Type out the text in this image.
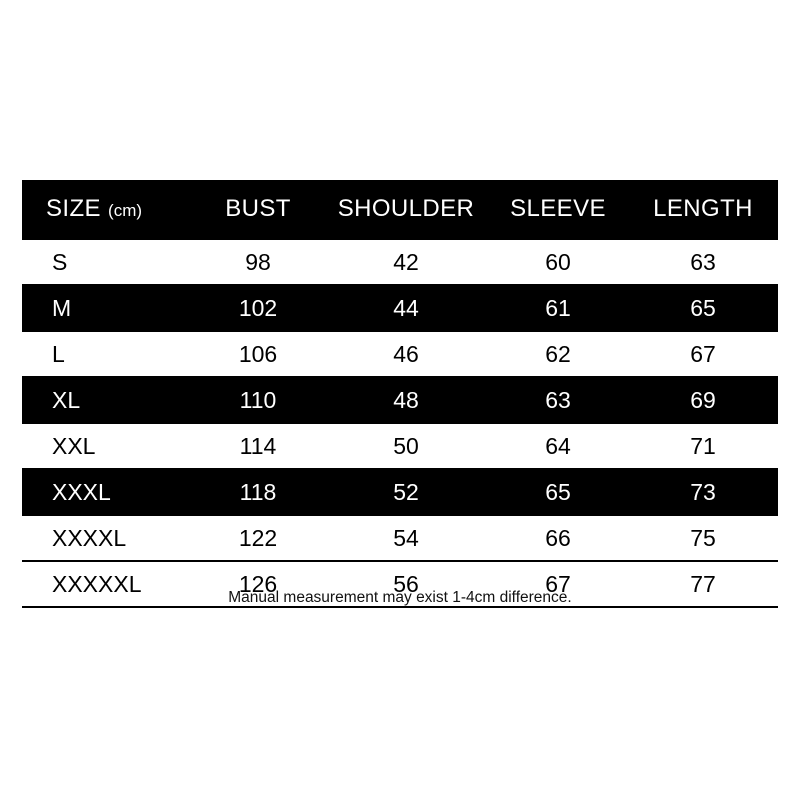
SIZE (cm)	BUST	SHOULDER	SLEEVE	LENGTH
S	98	42	60	63
M	102	44	61	65
L	106	46	62	67
XL	110	48	63	69
XXL	114	50	64	71
XXXL	118	52	65	73
XXXXL	122	54	66	75
XXXXXL	126	56	67	77
Manual measurement may exist 1-4cm difference.
